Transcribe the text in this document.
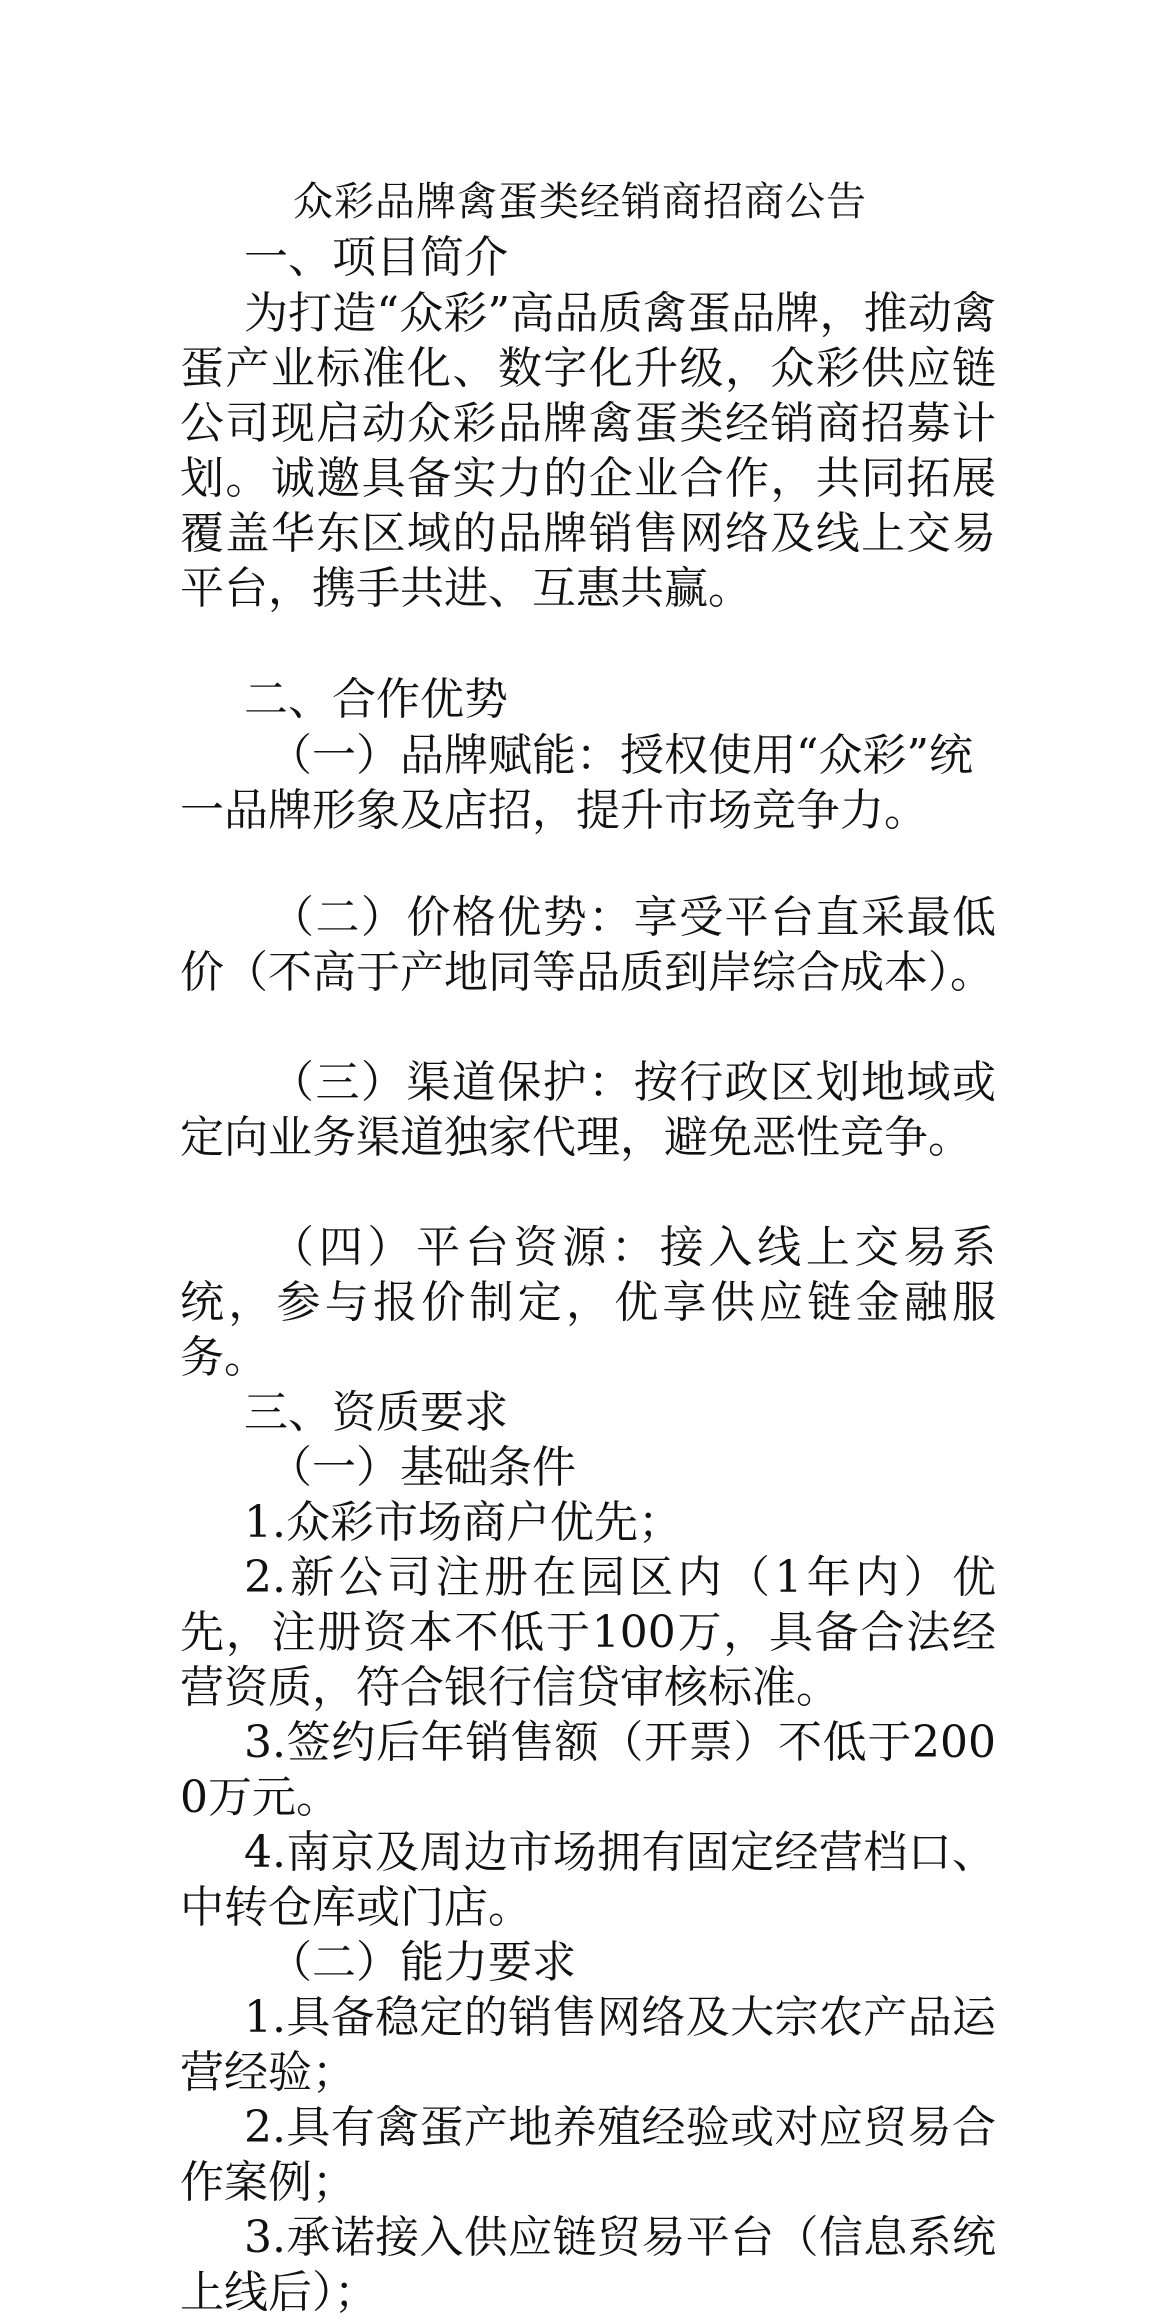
众彩品牌禽蛋类经销商招商公告
一、项目简介
为打造“众彩”高品质禽蛋品牌，推动禽蛋产业标准化、数字化升级，众彩供应链公司现启动众彩品牌禽蛋类经销商招募计划。诚邀具备实力的企业合作，共同拓展覆盖华东区域的品牌销售网络及线上交易平台，携手共进、互惠共赢。
二、合作优势
（一）品牌赋能：授权使用“众彩”统
一品牌形象及店招，提升市场竞争力。
（二）价格优势：享受平台直采最低价（不高于产地同等品质到岸综合成本）。
（三）渠道保护：按行政区划地域或定向业务渠道独家代理，避免恶性竞争。
（四）平台资源：接入线上交易系统，参与报价制定，优享供应链金融服务。
三、资质要求
（一）基础条件
1.众彩市场商户优先；
2.新公司注册在园区内（1年内）优先，注册资本不低于100万，具备合法经营资质，符合银行信贷审核标准。
3.签约后年销售额（开票）不低于2000万元。
4.南京及周边市场拥有固定经营档口、中转仓库或门店。
（二）能力要求
1.具备稳定的销售网络及大宗农产品运营经验；
2.具有禽蛋产地养殖经验或对应贸易合作案例；
3.承诺接入供应链贸易平台（信息系统上线后）；
